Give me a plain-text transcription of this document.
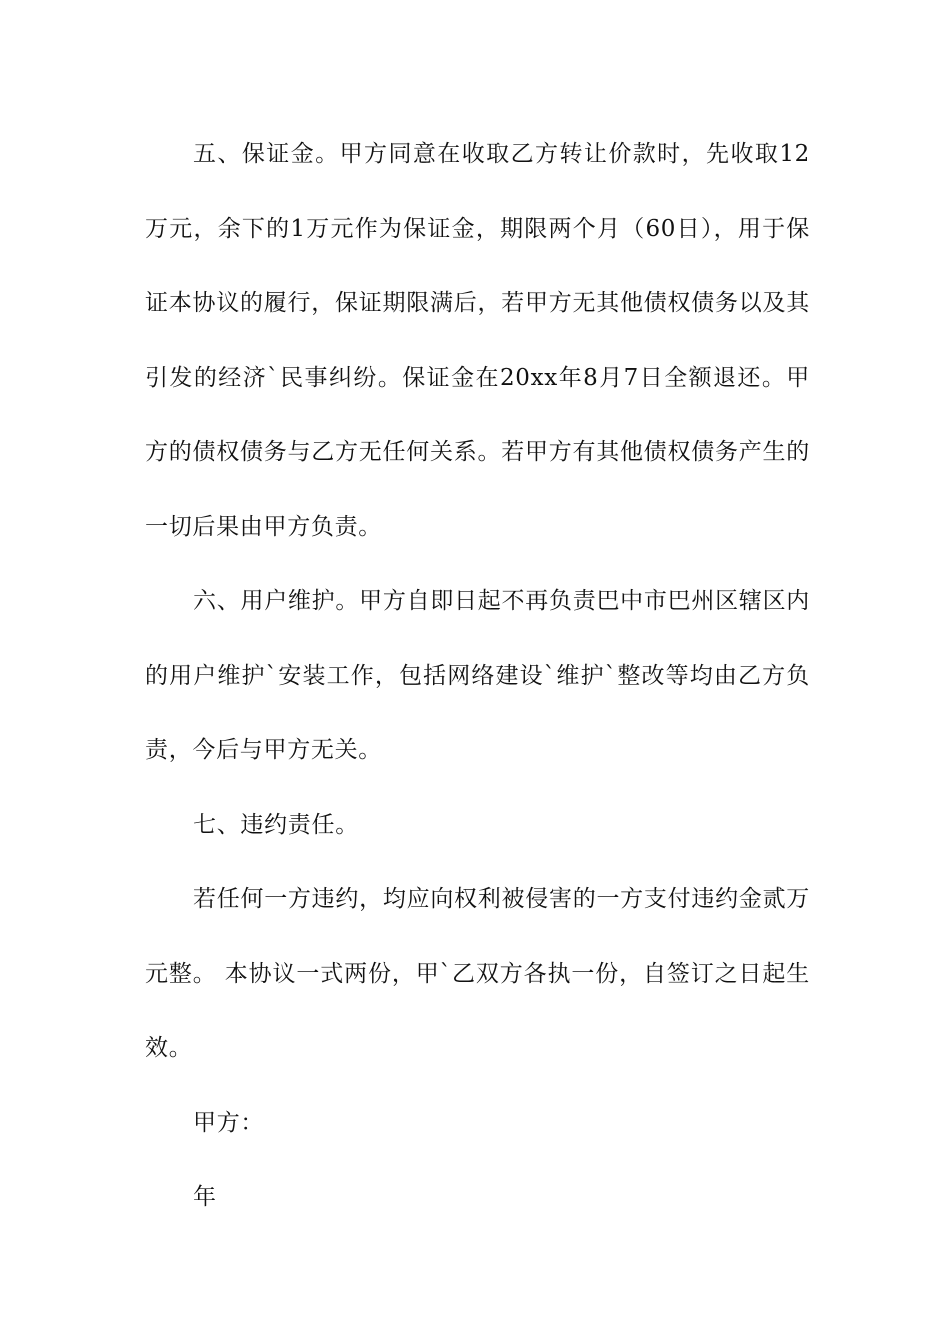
五、保证金。甲方同意在收取乙方转让价款时，先收取12万元，余下的1万元作为保证金，期限两个月（60日），用于保证本协议的履行，保证期限满后，若甲方无其他债权债务以及其引发的经济`民事纠纷。保证金在20xx年8月7日全额退还。甲方的债权债务与乙方无任何关系。若甲方有其他债权债务产生的一切后果由甲方负责。

六、用户维护。甲方自即日起不再负责巴中市巴州区辖区内的用户维护`安装工作，包括网络建设`维护`整改等均由乙方负责，今后与甲方无关。

七、违约责任。

若任何一方违约，均应向权利被侵害的一方支付违约金贰万元整。 本协议一式两份，甲`乙双方各执一份，自签订之日起生效。

甲方：

年
